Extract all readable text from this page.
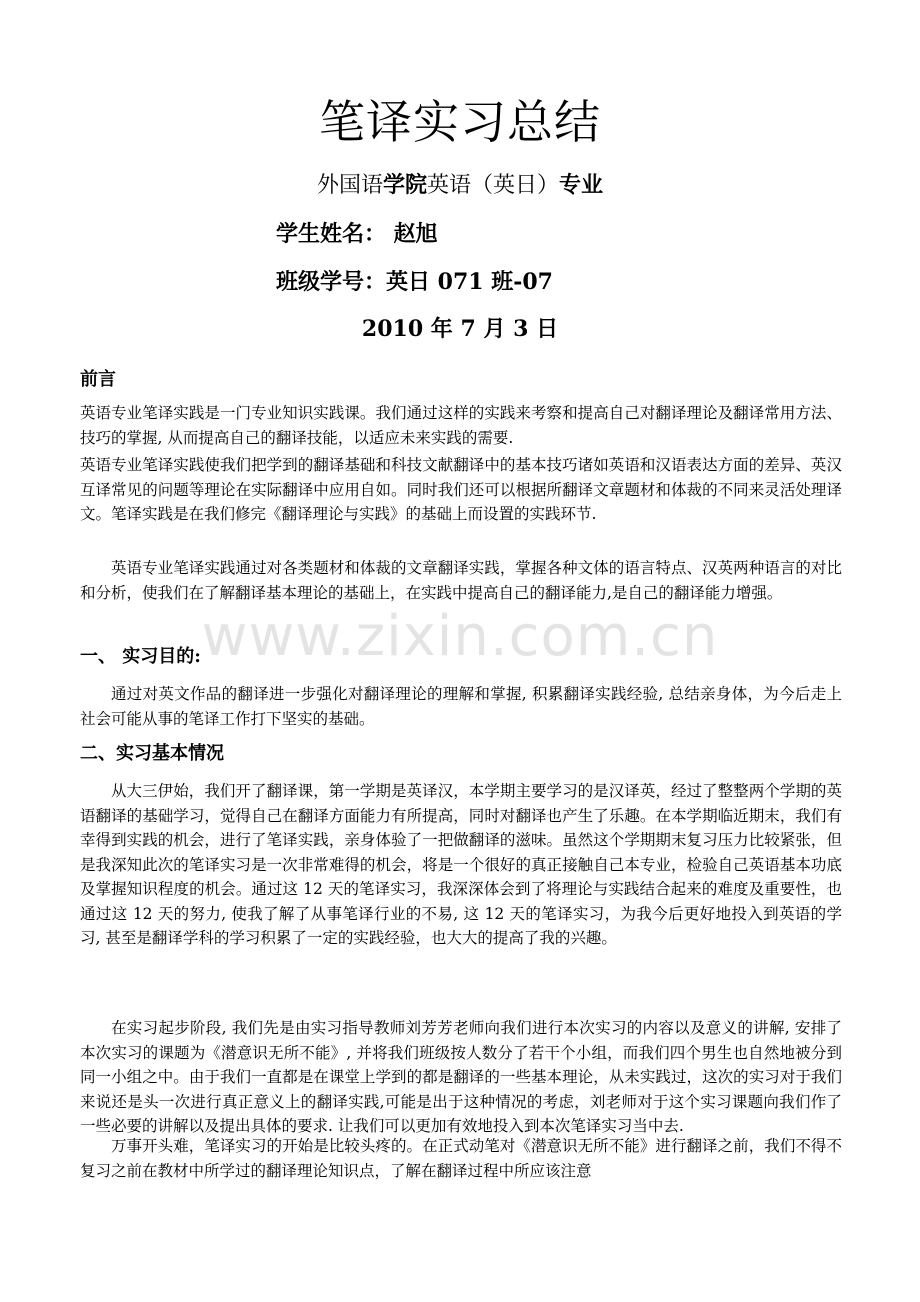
笔译实习总结
外国语学院英语（英日）专业
学生姓名： 赵旭
班级学号：英日 071 班-07
2010 年 7 月 3 日
前言
英语专业笔译实践是一门专业知识实践课。我们通过这样的实践来考察和提高自己对翻译理论及翻译常用方法、技巧的掌握, 从而提高自己的翻译技能，以适应未来实践的需要.
英语专业笔译实践使我们把学到的翻译基础和科技文献翻译中的基本技巧诸如英语和汉语表达方面的差异、英汉互译常见的问题等理论在实际翻译中应用自如。同时我们还可以根据所翻译文章题材和体裁的不同来灵活处理译文。笔译实践是在我们修完《翻译理论与实践》的基础上而设置的实践环节.
英语专业笔译实践通过对各类题材和体裁的文章翻译实践，掌握各种文体的语言特点、汉英两种语言的对比和分析，使我们在了解翻译基本理论的基础上，在实践中提高自己的翻译能力,是自己的翻译能力增强。
一、 实习目的:
通过对英文作品的翻译进一步强化对翻译理论的理解和掌握, 积累翻译实践经验, 总结亲身体，为今后走上社会可能从事的笔译工作打下坚实的基础。
二、实习基本情况
从大三伊始，我们开了翻译课，第一学期是英译汉，本学期主要学习的是汉译英，经过了整整两个学期的英语翻译的基础学习，觉得自己在翻译方面能力有所提高，同时对翻译也产生了乐趣。在本学期临近期末，我们有幸得到实践的机会，进行了笔译实践，亲身体验了一把做翻译的滋味。虽然这个学期期末复习压力比较紧张，但是我深知此次的笔译实习是一次非常难得的机会，将是一个很好的真正接触自己本专业，检验自己英语基本功底及掌握知识程度的机会。通过这 12 天的笔译实习，我深深体会到了将理论与实践结合起来的难度及重要性，也通过这 12 天的努力, 使我了解了从事笔译行业的不易, 这 12 天的笔译实习，为我今后更好地投入到英语的学习, 甚至是翻译学科的学习积累了一定的实践经验，也大大的提高了我的兴趣。
在实习起步阶段, 我们先是由实习指导教师刘芳芳老师向我们进行本次实习的内容以及意义的讲解, 安排了本次实习的课题为《潜意识无所不能》, 并将我们班级按人数分了若干个小组，而我们四个男生也自然地被分到同一小组之中。由于我们一直都是在课堂上学到的都是翻译的一些基本理论，从未实践过，这次的实习对于我们来说还是头一次进行真正意义上的翻译实践,可能是出于这种情况的考虑，刘老师对于这个实习课题向我们作了一些必要的讲解以及提出具体的要求. 让我们可以更加有效地投入到本次笔译实习当中去.
万事开头难，笔译实习的开始是比较头疼的。在正式动笔对《潜意识无所不能》进行翻译之前，我们不得不复习之前在教材中所学过的翻译理论知识点，了解在翻译过程中所应该注意
www.zixin.com.cn
